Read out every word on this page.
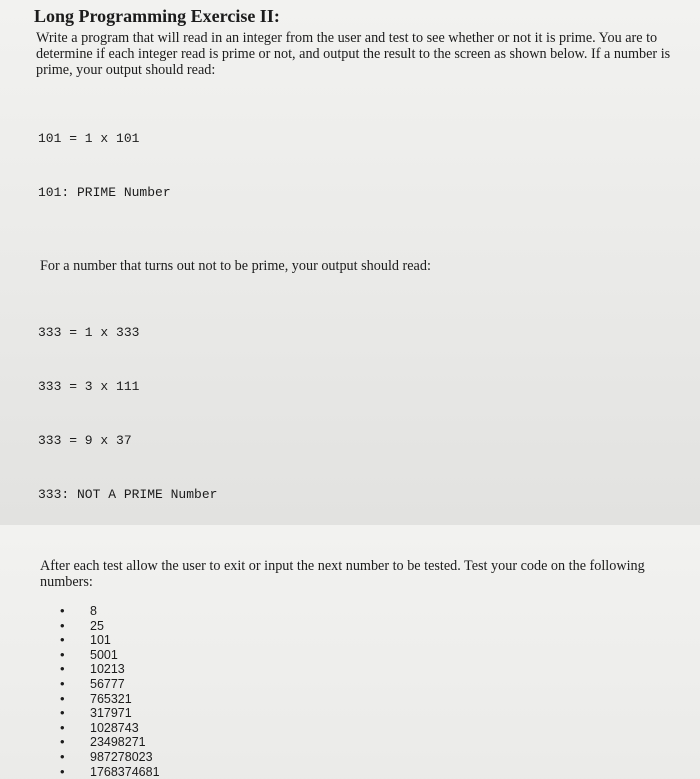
Long Programming Exercise II:

Write a program that will read in an integer from the user and test to see whether or not it is prime. You are to determine if each integer read is prime or not, and output the result to the screen as shown below. If a number is prime, your output should read:

101 = 1 x 101

101: PRIME Number

For a number that turns out not to be prime, your output should read:

333 = 1 x 333

333 = 3 x 111

333 = 9 x 37

333: NOT A PRIME Number

After each test allow the user to exit or input the next number to be tested. Test your code on the following numbers:

•	8
•	25
•	101
•	5001
•	10213
•	56777
•	765321
•	317971
•	1028743
•	23498271
•	987278023
•	1768374681
